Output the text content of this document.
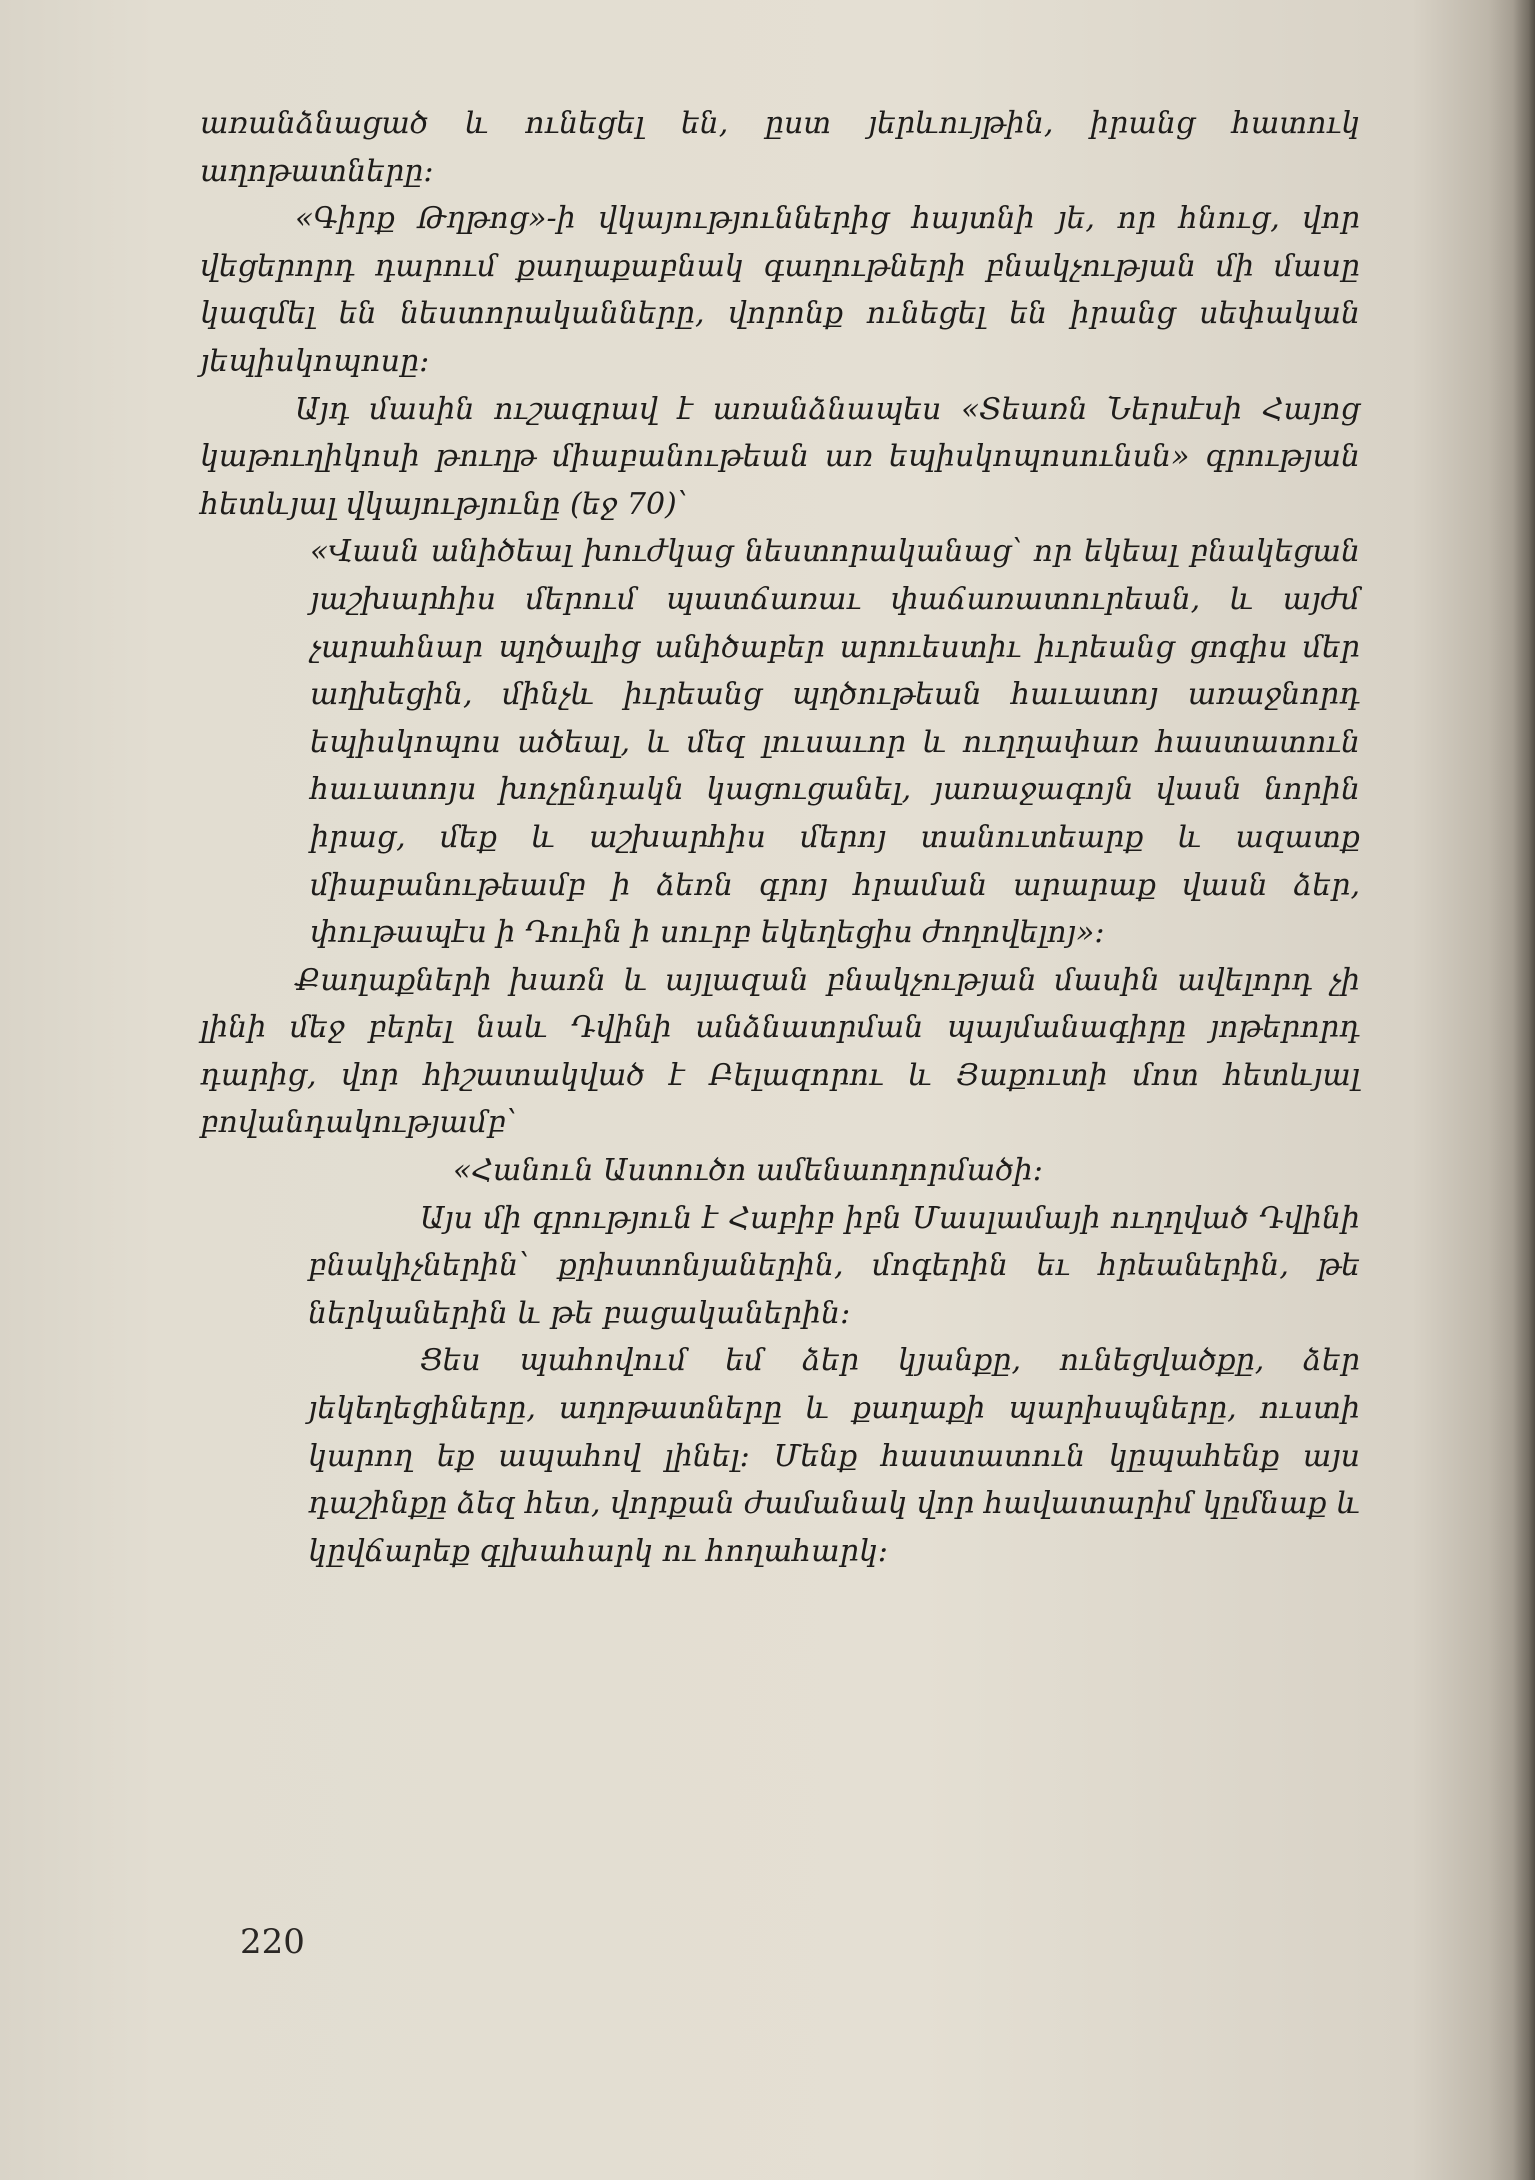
առանձնացած և ունեցել են, ըստ յերևույթին, իրանց հատուկ աղոթատները։

«Գիրք Թղթոց»-ի վկայություններից հայտնի յե, որ հնուց, վոր վեցերորդ դարում քաղաքաբնակ գաղութների բնակչության մի մասը կազմել են նեստորականները, վորոնք ունեցել են իրանց սեփական յեպիսկոպոսը։

Այդ մասին ուշագրավ է առանձնապես «Տեառն Ներսէսի Հայոց կաթուղիկոսի թուղթ միաբանութեան առ եպիսկոպոսունսն» գրության հետևյալ վկայությունը (եջ 70)՝

«Վասն անիծեալ խուժկաց նեստորականաց՝ որ եկեալ բնակեցան յաշխարհիս մերում պատճառաւ փաճառատուրեան, և այժմ չարահնար պղծալից անիծաբեր արուեստիւ իւրեանց ցոգիս մեր աղխեցին, մինչև իւրեանց պղծութեան հաւատոյ առաջնորդ եպիսկոպոս ածեալ, և մեզ լուսաւոր և ուղղափառ հաստատուն հաւատոյս խոչընդակն կացուցանել, յառաջագոյն վասն նորին իրաց, մեք և աշխարհիս մերոյ տանուտեարք և ազատք միաբանութեամբ ի ձեռն գրոյ հրաման արարաք վասն ձեր, փութապէս ի Դուին ի սուրբ եկեղեցիս ժողովելոյ»։

Քաղաքների խառն և այլազան բնակչության մասին ավելորդ չի լինի մեջ բերել նաև Դվինի անձնատրման պայմանագիրը յոթերորդ դարից, վոր հիշատակված է Բելազորու և Յաքուտի մոտ հետևյալ բովանդակությամբ՝

«Հանուն Աստուծո ամենաողորմածի։

Այս մի գրություն է Հաբիբ իբն Մասլամայի ուղղված Դվինի բնակիչներին՝ քրիստոնյաներին, մոգերին եւ հրեաներին, թե ներկաներին և թե բացականերին։

Ցես պահովում եմ ձեր կյանքը, ունեցվածքը, ձեր յեկեղեցիները, աղոթատները և քաղաքի պարիսպները, ուստի կարող եք ապահով լինել։ Մենք հաստատուն կըպահենք այս դաշինքը ձեզ հետ, վորքան ժամանակ վոր հավատարիմ կըմնաք և կըվճարեք գլխահարկ ու հողահարկ։

220
